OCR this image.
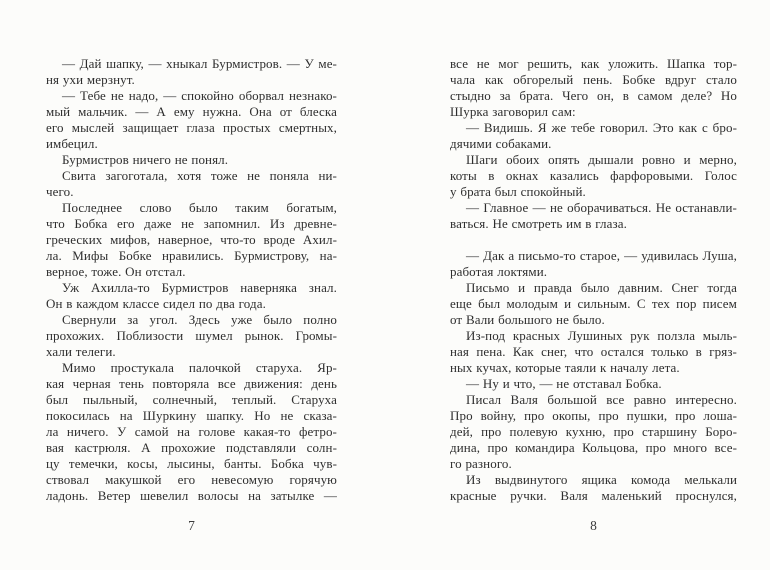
— Дай шапку, — хныкал Бурмистров. — У ме-
ня ухи мерзнут.
— Тебе не надо, — спокойно оборвал незнако-
мый мальчик. — А ему нужна. Она от блеска
его мыслей защищает глаза простых смертных,
имбецил.
Бурмистров ничего не понял.
Свита загоготала, хотя тоже не поняла ни-
чего.
Последнее слово было таким богатым,
что Бобка его даже не запомнил. Из древне-
греческих мифов, наверное, что-то вроде Ахил-
ла. Мифы Бобке нравились. Бурмистрову, на-
верное, тоже. Он отстал.
Уж Ахилла-то Бурмистров наверняка знал.
Он в каждом классе сидел по два года.
Свернули за угол. Здесь уже было полно
прохожих. Поблизости шумел рынок. Громы-
хали телеги.
Мимо простукала палочкой старуха. Яр-
кая черная тень повторяла все движения: день
был пыльный, солнечный, теплый. Старуха
покосилась на Шуркину шапку. Но не сказа-
ла ничего. У самой на голове какая-то фетро-
вая кастрюля. А прохожие подставляли солн-
цу темечки, косы, лысины, банты. Бобка чув-
ствовал макушкой его невесомую горячую
ладонь. Ветер шевелил волосы на затылке —
7
все не мог решить, как уложить. Шапка тор-
чала как обгорелый пень. Бобке вдруг стало
стыдно за брата. Чего он, в самом деле? Но
Шурка заговорил сам:
— Видишь. Я же тебе говорил. Это как с бро-
дячими собаками.
Шаги обоих опять дышали ровно и мерно,
коты в окнах казались фарфоровыми. Голос
у брата был спокойный.
— Главное — не оборачиваться. Не останавли-
ваться. Не смотреть им в глаза.

— Дак а письмо-то старое, — удивилась Луша,
работая локтями.
Письмо и правда было давним. Снег тогда
еще был молодым и сильным. С тех пор писем
от Вали большого не было.
Из-под красных Лушиных рук ползла мыль-
ная пена. Как снег, что остался только в гряз-
ных кучах, которые таяли к началу лета.
— Ну и что, — не отставал Бобка.
Писал Валя большой все равно интересно.
Про войну, про окопы, про пушки, про лоша-
дей, про полевую кухню, про старшину Боро-
дина, про командира Кольцова, про много все-
го разного.
Из выдвинутого ящика комода мелькали
красные ручки. Валя маленький проснулся,
8
